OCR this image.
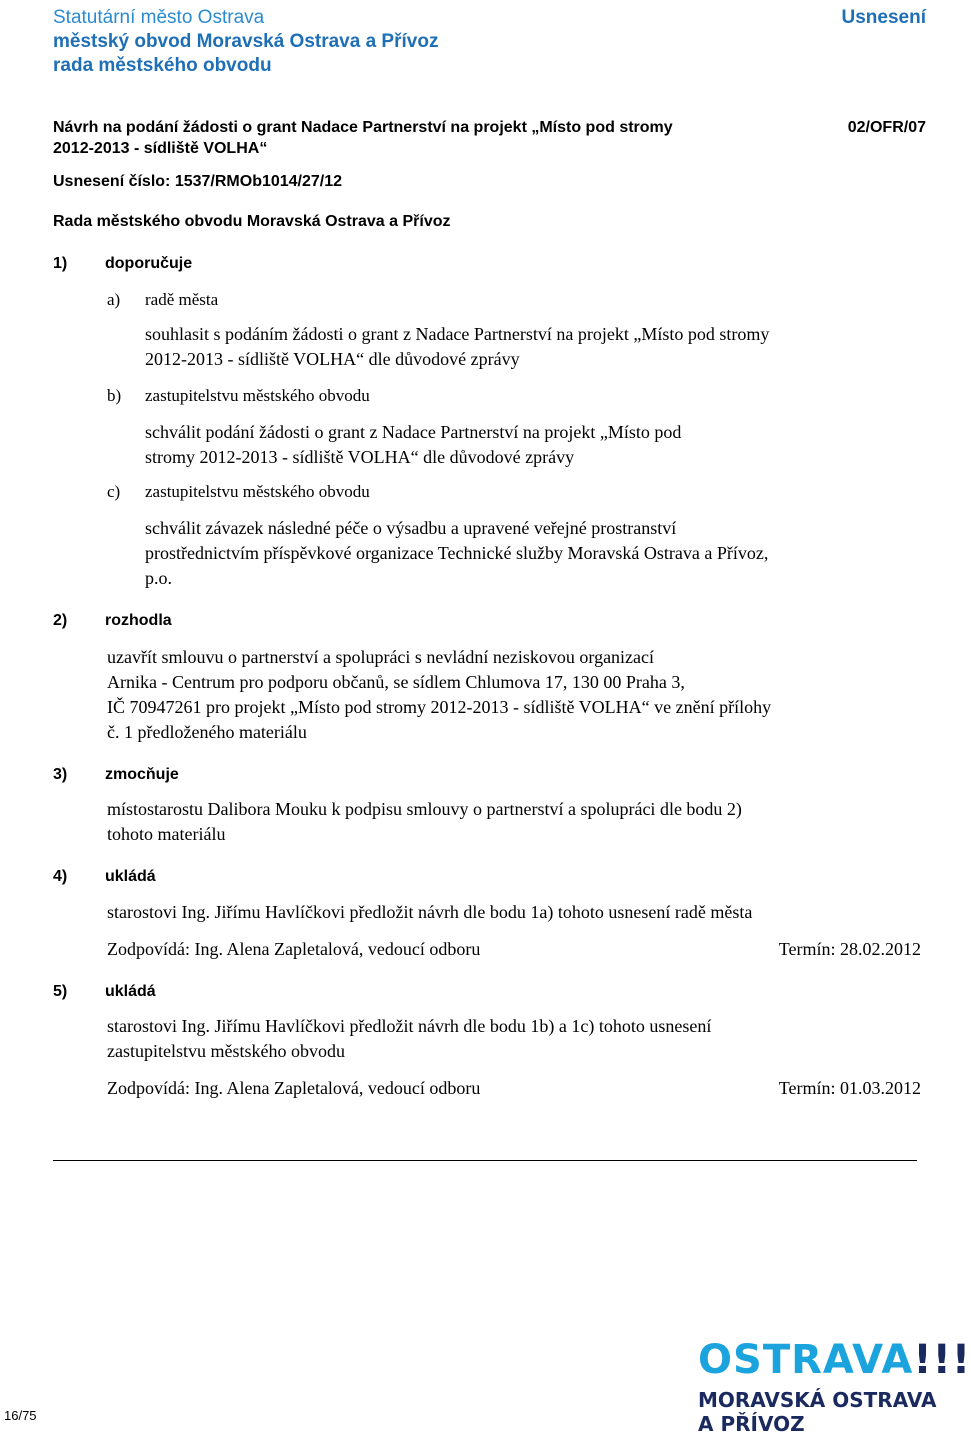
Statutární město Ostrava
městský obvod Moravská Ostrava a Přívoz
rada městského obvodu
Usnesení
Návrh na podání žádosti o grant Nadace Partnerství na projekt „Místo pod stromy
2012-2013 - sídliště VOLHA“
02/OFR/07
Usnesení číslo: 1537/RMOb1014/27/12
Rada městského obvodu Moravská Ostrava a Přívoz
1) doporučuje
a) radě města
souhlasit s podáním žádosti o grant z Nadace Partnerství na projekt „Místo pod stromy
2012-2013 - sídliště VOLHA“ dle důvodové zprávy
b) zastupitelstvu městského obvodu
schválit podání žádosti o grant z Nadace Partnerství na projekt „Místo pod
stromy 2012-2013 - sídliště VOLHA“ dle důvodové zprávy
c) zastupitelstvu městského obvodu
schválit závazek následné péče o výsadbu a upravené veřejné prostranství
prostřednictvím příspěvkové organizace Technické služby Moravská Ostrava a Přívoz,
p.o.
2) rozhodla
uzavřít smlouvu o partnerství a spolupráci s nevládní neziskovou organizací
Arnika - Centrum pro podporu občanů, se sídlem Chlumova 17, 130 00 Praha 3,
IČ 70947261 pro projekt „Místo pod stromy 2012-2013 - sídliště VOLHA“ ve znění přílohy
č. 1 předloženého materiálu
3) zmocňuje
místostarostu Dalibora Mouku k podpisu smlouvy o partnerství a spolupráci dle bodu 2)
tohoto materiálu
4) ukládá
starostovi Ing. Jiřímu Havlíčkovi předložit návrh dle bodu 1a) tohoto usnesení radě města
Zodpovídá: Ing. Alena Zapletalová, vedoucí odboru	Termín: 28.02.2012
5) ukládá
starostovi Ing. Jiřímu Havlíčkovi předložit návrh dle bodu 1b) a 1c) tohoto usnesení
zastupitelstvu městského obvodu
Zodpovídá: Ing. Alena Zapletalová, vedoucí odboru	Termín: 01.03.2012
16/75
OSTRAVA!!!
MORAVSKÁ OSTRAVA
A PŘÍVOZ
